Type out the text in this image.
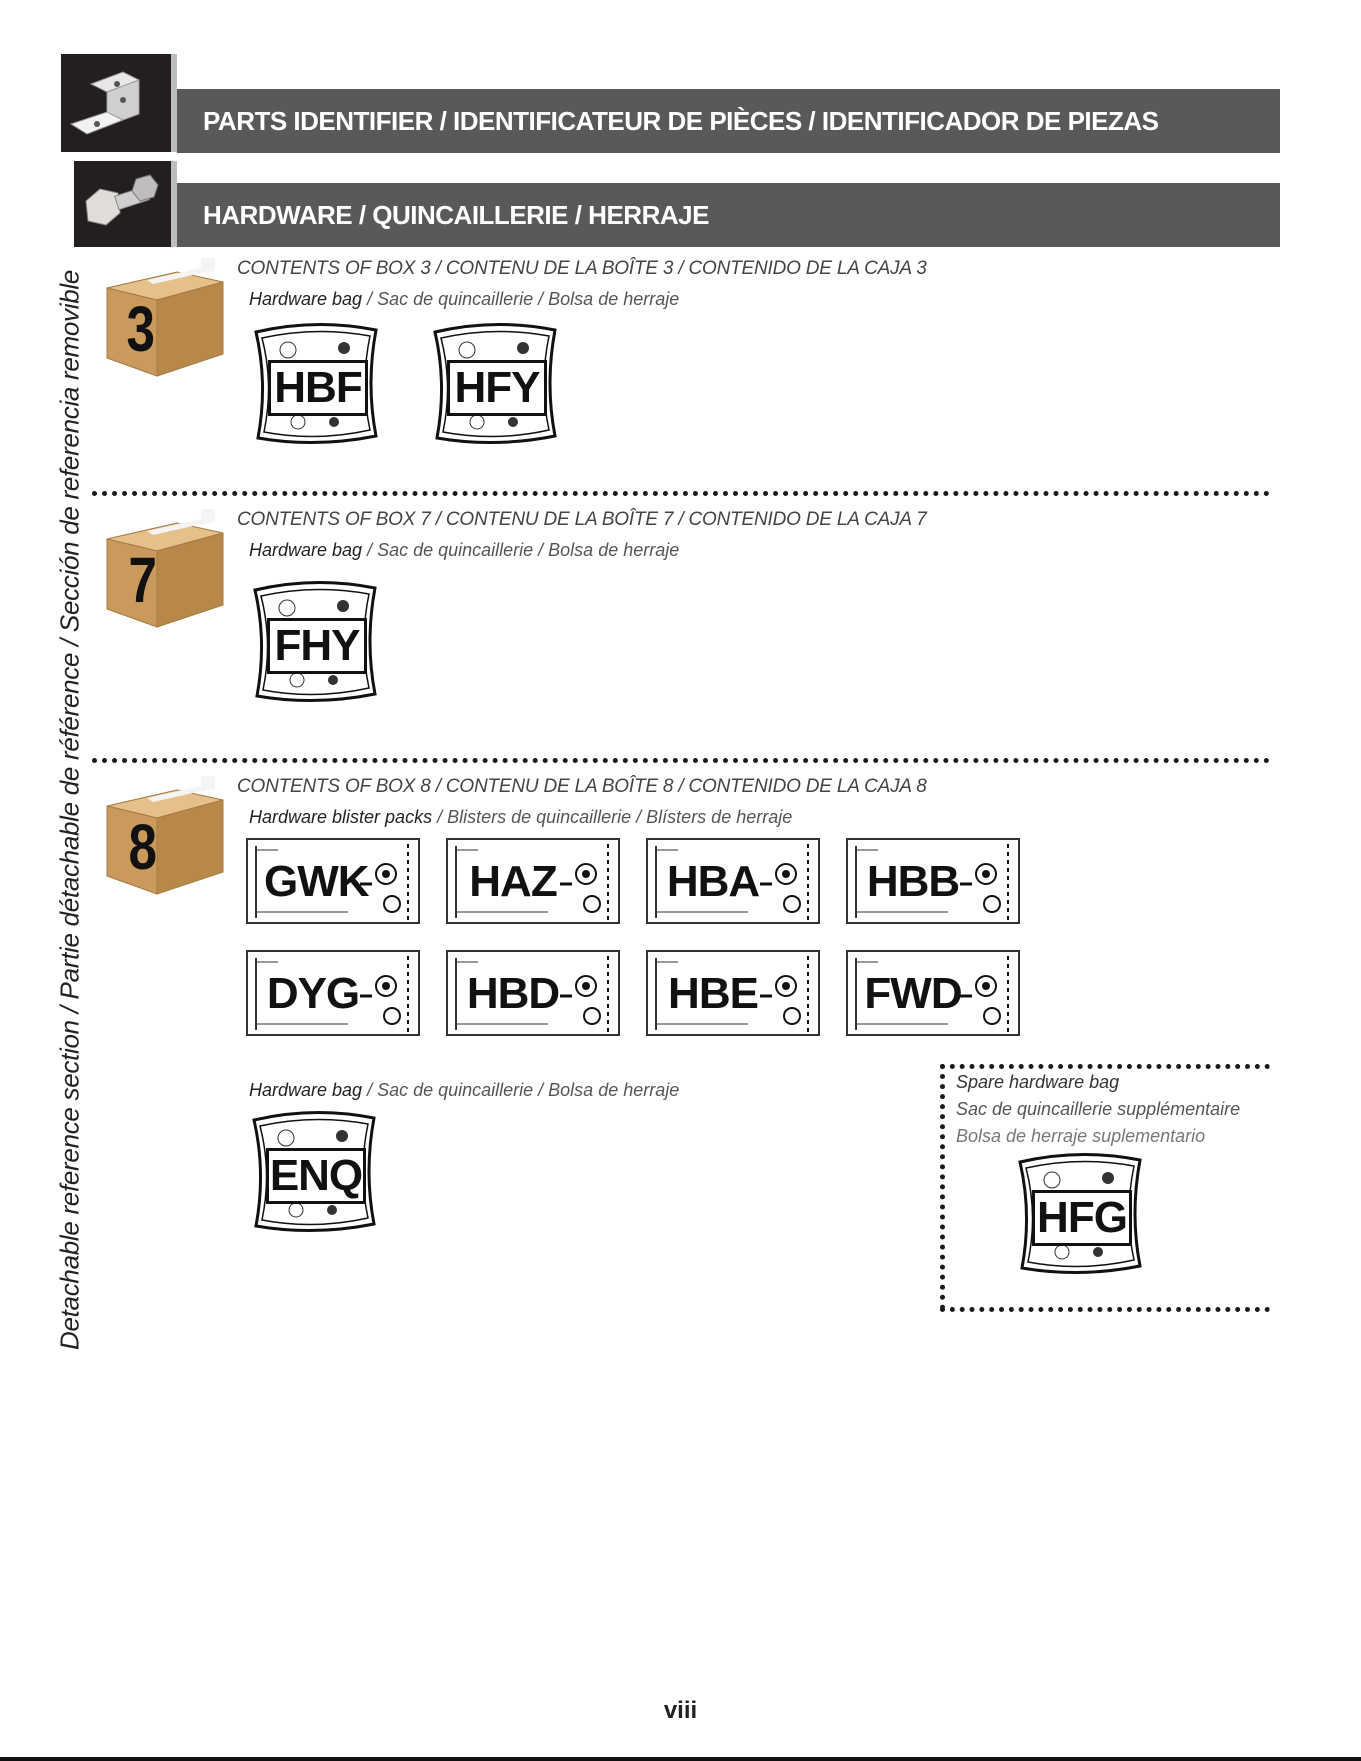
PARTS IDENTIFIER / IDENTIFICATEUR DE PIÈCES / IDENTIFICADOR DE PIEZAS
HARDWARE / QUINCAILLERIE / HERRAJE
Detachable reference section / Partie détachable de référence / Sección de referencia removible 3
CONTENTS OF BOX 3 / CONTENU DE LA BOÎTE 3 / CONTENIDO DE LA CAJA 3
Hardware bag / Sac de quincaillerie / Bolsa de herraje
HBF HFY
7
CONTENTS OF BOX 7 / CONTENU DE LA BOÎTE 7 / CONTENIDO DE LA CAJA 7
Hardware bag / Sac de quincaillerie / Bolsa de herraje
FHY
8
CONTENTS OF BOX 8 / CONTENU DE LA BOÎTE 8 / CONTENIDO DE LA CAJA 8
Hardware blister packs / Blisters de quincaillerie / Blísters de herraje
GWK HAZ	HBA HBB
DYG HBD HBE FWD
Hardware bag / Sac de quincaillerie / Bolsa de herraje
ENQ
Spare hardware bag
Sac de quincaillerie supplémentaire
Bolsa de herraje suplementario
HFG
viii
